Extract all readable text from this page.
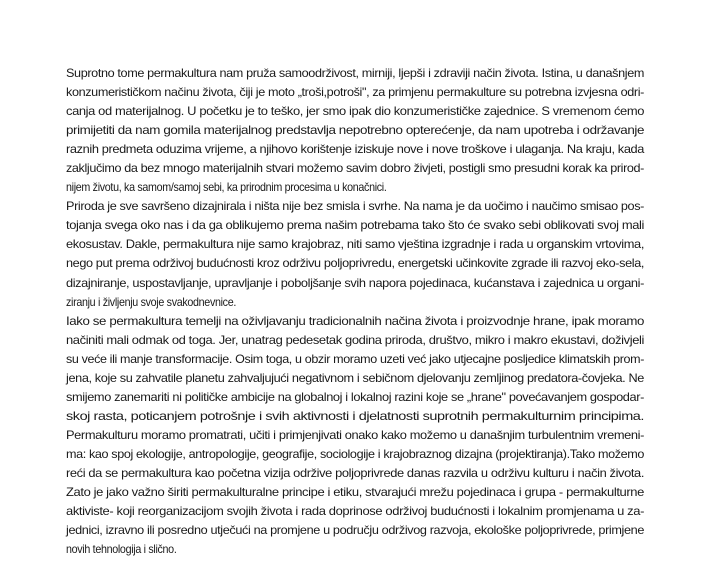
Suprotno tome permakultura nam pruža samoodrživost, mirniji, ljepši i zdraviji način života. Istina, u današnjem
konzumerističkom načinu života, čiji je moto „troši,potroši", za primjenu permakulture su potrebna izvjesna odri-
canja od materijalnog. U početku je to teško, jer smo ipak dio konzumerističke zajednice. S vremenom ćemo
primijetiti da nam gomila materijalnog predstavlja nepotrebno opterećenje, da nam upotreba i održavanje
raznih predmeta oduzima vrijeme, a njihovo korištenje iziskuje nove i nove troškove i ulaganja. Na kraju, kada
zaključimo da bez mnogo materijalnih stvari možemo savim dobro živjeti, postigli smo presudni korak ka prirod-
nijem životu, ka samom/samoj sebi, ka prirodnim procesima u konačnici.
Priroda je sve savršeno dizajnirala i ništa nije bez smisla i svrhe. Na nama je da uočimo i naučimo smisao pos-
tojanja svega oko nas i da ga oblikujemo prema našim potrebama tako što će svako sebi oblikovati svoj mali
ekosustav. Dakle, permakultura nije samo krajobraz, niti samo vještina izgradnje i rada u organskim vrtovima,
nego put prema održivoj budućnosti kroz održivu poljoprivredu, energetski učinkovite zgrade ili razvoj eko-sela,
dizajniranje, uspostavljanje, upravljanje i poboljšanje svih napora pojedinaca, kućanstava i zajednica u organi-
ziranju i življenju svoje svakodnevnice.
Iako se permakultura temelji na oživljavanju tradicionalnih načina života i proizvodnje hrane, ipak moramo
načiniti mali odmak od toga. Jer, unatrag pedesetak godina priroda, društvo, mikro i makro ekustavi, doživjeli
su veće ili manje transformacije. Osim toga, u obzir moramo uzeti već jako utjecajne posljedice klimatskih prom-
jena, koje su zahvatile planetu zahvaljujući negativnom i sebičnom djelovanju zemljinog predatora-čovjeka. Ne
smijemo zanemariti ni političke ambicije na globalnoj i lokalnoj razini koje se „hrane" povećavanjem gospodar-
skoj rasta, poticanjem potrošnje i svih aktivnosti i djelatnosti suprotnih permakulturnim principima.
Permakulturu moramo promatrati, učiti i primjenjivati onako kako možemo u današnjim turbulentnim vremeni-
ma: kao spoj ekologije, antropologije, geografije, sociologije i krajobraznog dizajna (projektiranja).Tako možemo
reći da se permakultura kao početna vizija održive poljoprivrede danas razvila u održivu kulturu i način života.
Zato je jako važno širiti permakulturalne principe i etiku, stvarajući mrežu pojedinaca i grupa - permakulturne
aktiviste- koji reorganizacijom svojih života i rada doprinose održivoj budućnosti i lokalnim promjenama u za-
jednici, izravno ili posredno utječući na promjene u području održivog razvoja, ekološke poljoprivrede, primjene
novih tehnologija i slično.
